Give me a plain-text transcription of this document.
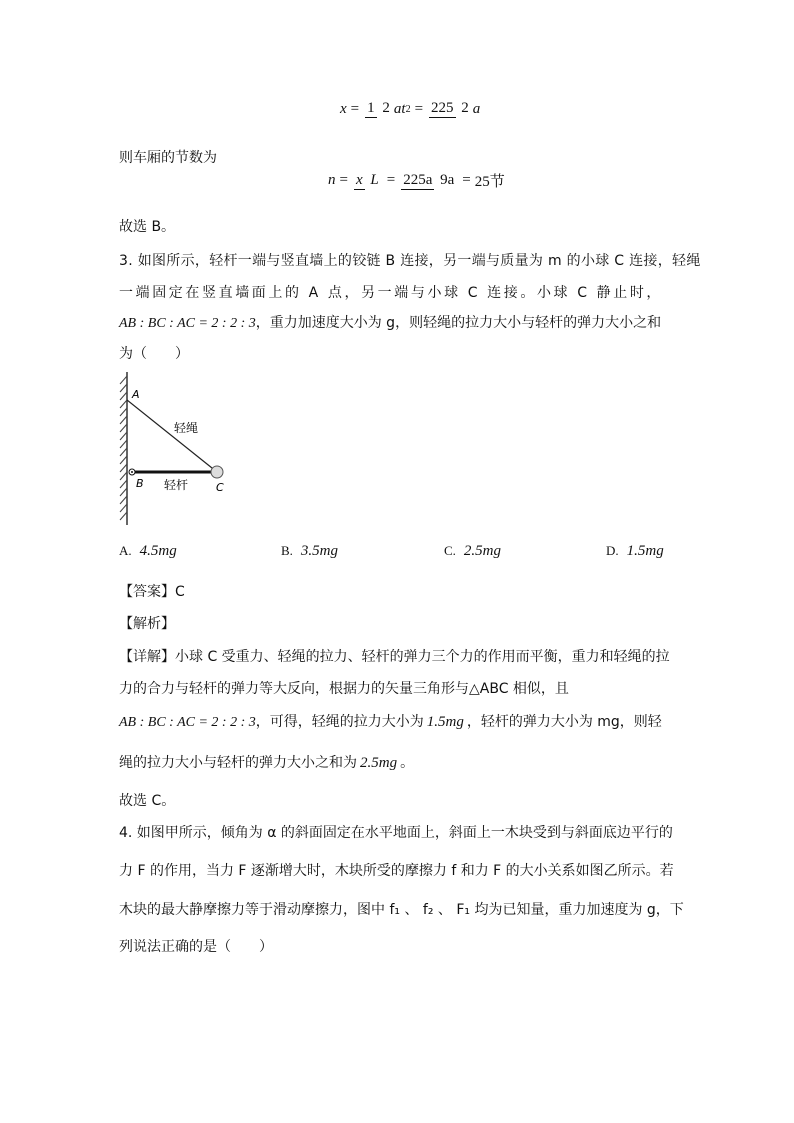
x = 1 2 at 2 = 225 2 a
则车厢的节数为
n = x L = 225a 9a = 25节
故选 B。
3. 如图所示，轻杆一端与竖直墙上的铰链 B 连接，另一端与质量为 m 的小球 C 连接，轻绳
一端固定在竖直墙面上的 A 点，另一端与小球 C 连接。小球 C 静止时，
AB : BC : AC = 2 : 2 : 3，重力加速度大小为 g，则轻绳的拉力大小与轻杆的弹力大小之和
为（　　）
A
B	C
轻绳
轻杆
A. 4.5mg	B. 3.5mg	C. 2.5mg	D. 1.5mg
【答案】C
【解析】
【详解】小球 C 受重力、轻绳的拉力、轻杆的弹力三个力的作用而平衡，重力和轻绳的拉
力的合力与轻杆的弹力等大反向，根据力的矢量三角形与△ABC 相似，且
AB : BC : AC = 2 : 2 : 3，可得，轻绳的拉力大小为 1.5mg ，轻杆的弹力大小为 mg，则轻
绳的拉力大小与轻杆的弹力大小之和为 2.5mg 。
故选 C。
4. 如图甲所示，倾角为 α 的斜面固定在水平地面上，斜面上一木块受到与斜面底边平行的
力 F 的作用，当力 F 逐渐增大时，木块所受的摩擦力 f 和力 F 的大小关系如图乙所示。若
木块的最大静摩擦力等于滑动摩擦力，图中 f₁ 、 f₂ 、 F₁ 均为已知量，重力加速度为 g，下
列说法正确的是（　　）
